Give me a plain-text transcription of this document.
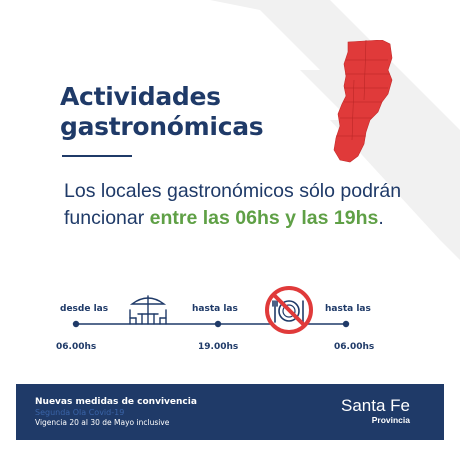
Actividades
gastronómicas

Los locales gastronómicos sólo podrán funcionar entre las 06hs y las 19hs.

desde las
06.00hs
hasta las
19.00hs
hasta las
06.00hs
Nuevas medidas de convivencia
Segunda Ola Covid-19
Vigencia 20 al 30 de Mayo inclusive
Santa Fe
Provincia
